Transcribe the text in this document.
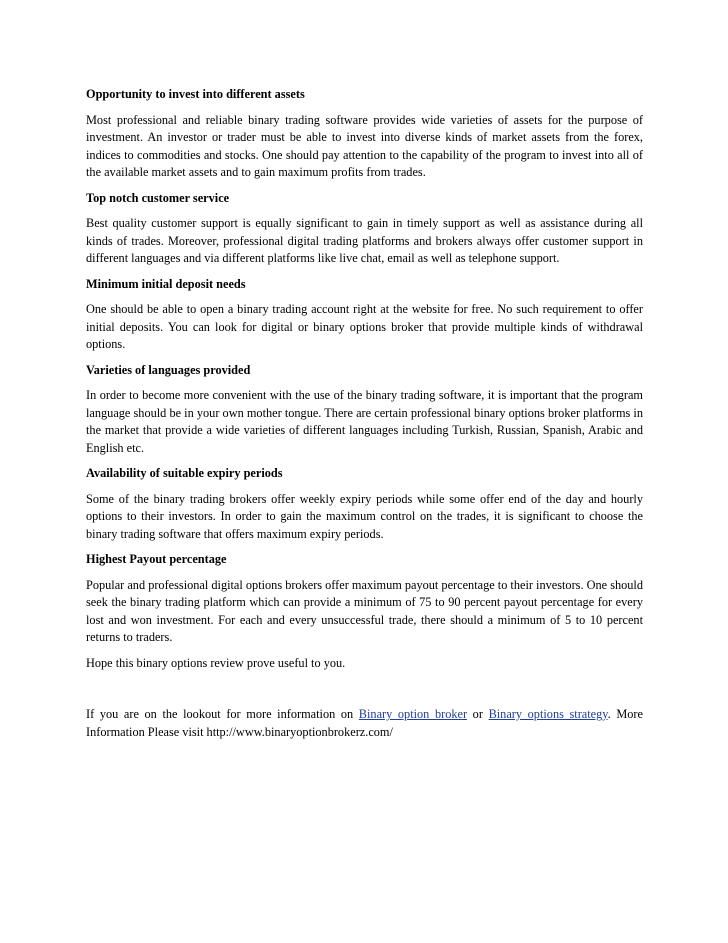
Opportunity to invest into different assets
Most professional and reliable binary trading software provides wide varieties of assets for the purpose of investment. An investor or trader must be able to invest into diverse kinds of market assets from the forex, indices to commodities and stocks. One should pay attention to the capability of the program to invest into all of the available market assets and to gain maximum profits from trades.
Top notch customer service
Best quality customer support is equally significant to gain in timely support as well as assistance during all kinds of trades. Moreover, professional digital trading platforms and brokers always offer customer support in different languages and via different platforms like live chat, email as well as telephone support.
Minimum initial deposit needs
One should be able to open a binary trading account right at the website for free. No such requirement to offer initial deposits. You can look for digital or binary options broker that provide multiple kinds of withdrawal options.
Varieties of languages provided
In order to become more convenient with the use of the binary trading software, it is important that the program language should be in your own mother tongue. There are certain professional binary options broker platforms in the market that provide a wide varieties of different languages including Turkish, Russian, Spanish, Arabic and English etc.
Availability of suitable expiry periods
Some of the binary trading brokers offer weekly expiry periods while some offer end of the day and hourly options to their investors. In order to gain the maximum control on the trades, it is significant to choose the binary trading software that offers maximum expiry periods.
Highest Payout percentage
Popular and professional digital options brokers offer maximum payout percentage to their investors. One should seek the binary trading platform which can provide a minimum of 75 to 90 percent payout percentage for every lost and won investment. For each and every unsuccessful trade, there should a minimum of 5 to 10 percent returns to traders.
Hope this binary options review prove useful to you.
If you are on the lookout for more information on Binary option broker or Binary options strategy. More Information Please visit http://www.binaryoptionbrokerz.com/
